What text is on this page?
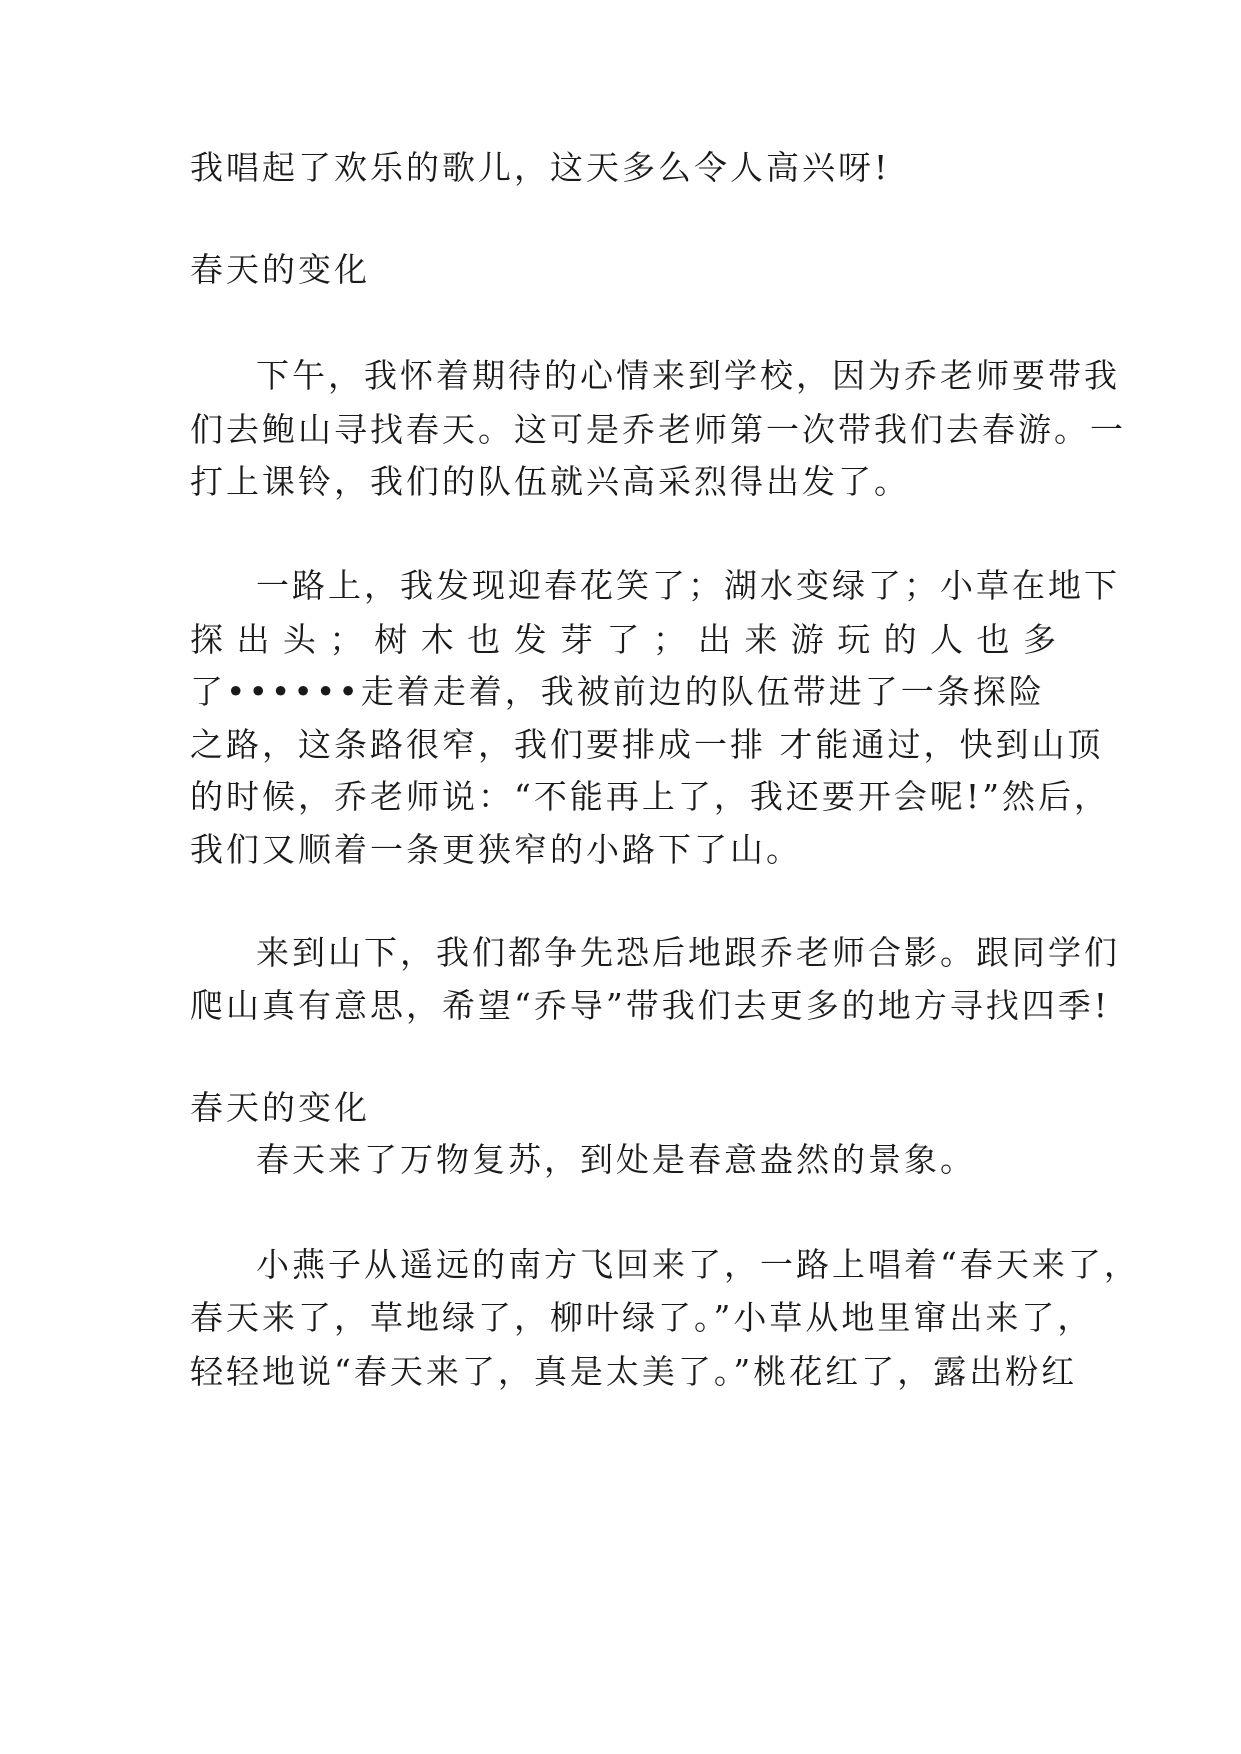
我唱起了欢乐的歌儿，这天多么令人高兴呀!
春天的变化
下午，我怀着期待的心情来到学校，因为乔老师要带我
们去鲍山寻找春天。这可是乔老师第一次带我们去春游。一
打上课铃，我们的队伍就兴高采烈得出发了。
一路上，我发现迎春花笑了；湖水变绿了；小草在地下
探 出 头 ； 树 木 也 发 芽 了 ； 出 来 游 玩 的 人 也 多
了••••••走着走着，我被前边的队伍带进了一条探险
之路，这条路很窄，我们要排成一排 才能通过，快到山顶
的时候，乔老师说：“不能再上了，我还要开会呢!”然后，
我们又顺着一条更狭窄的小路下了山。
来到山下，我们都争先恐后地跟乔老师合影。跟同学们
爬山真有意思，希望“乔导”带我们去更多的地方寻找四季!
春天的变化
春天来了万物复苏，到处是春意盎然的景象。
小燕子从遥远的南方飞回来了，一路上唱着“春天来了，
春天来了，草地绿了，柳叶绿了。”小草从地里窜出来了，
轻轻地说“春天来了，真是太美了。”桃花红了，露出粉红
